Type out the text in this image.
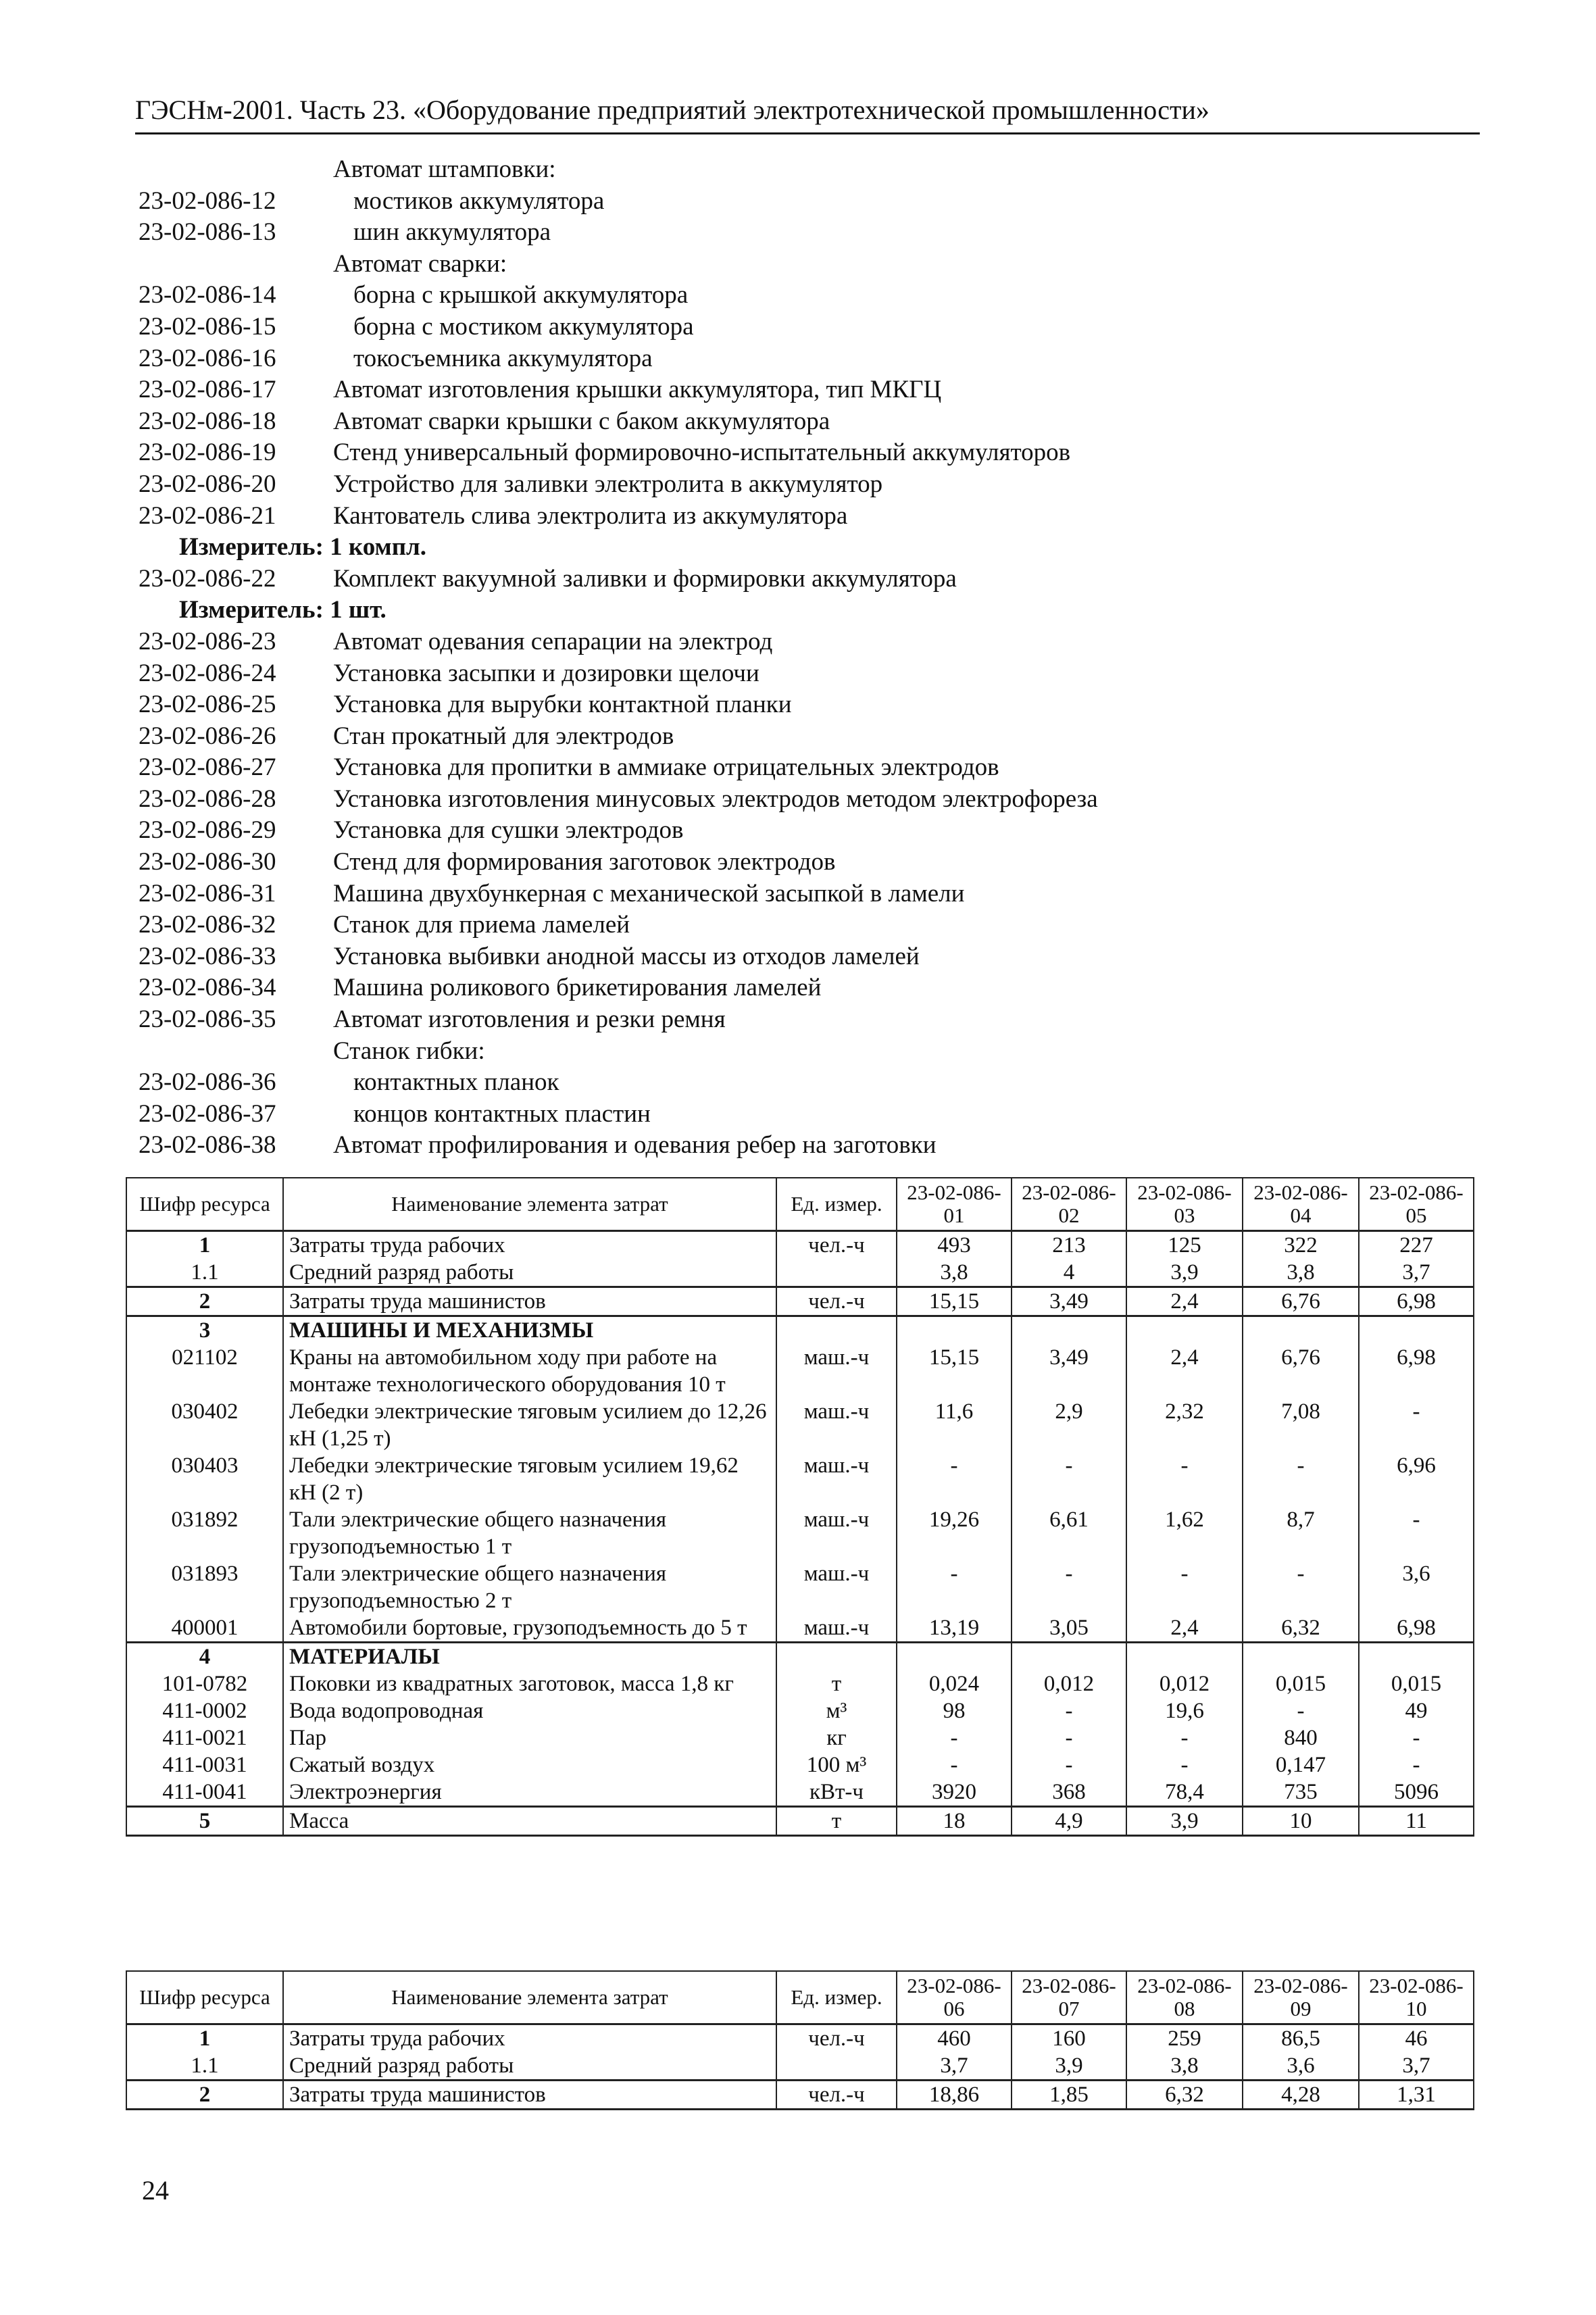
ГЭСНм-2001. Часть 23. «Оборудование предприятий электротехнической промышленности»
Автомат штамповки:
23-02-086-12	мостиков аккумулятора
23-02-086-13	шин аккумулятора
Автомат сварки:
23-02-086-14	борна с крышкой аккумулятора
23-02-086-15	борна с мостиком аккумулятора
23-02-086-16	токосъемника аккумулятора
23-02-086-17	Автомат изготовления крышки аккумулятора, тип МКГЦ
23-02-086-18	Автомат сварки крышки с баком аккумулятора
23-02-086-19	Стенд универсальный формировочно-испытательный аккумуляторов
23-02-086-20	Устройство для заливки электролита в аккумулятор
23-02-086-21	Кантователь слива электролита из аккумулятора
Измеритель: 1 компл.
23-02-086-22	Комплект вакуумной заливки и формировки аккумулятора
Измеритель: 1 шт.
23-02-086-23	Автомат одевания сепарации на электрод
23-02-086-24	Установка засыпки и дозировки щелочи
23-02-086-25	Установка для вырубки контактной планки
23-02-086-26	Стан прокатный для электродов
23-02-086-27	Установка для пропитки в аммиаке отрицательных электродов
23-02-086-28	Установка изготовления минусовых электродов методом электрофореза
23-02-086-29	Установка для сушки электродов
23-02-086-30	Стенд для формирования заготовок электродов
23-02-086-31	Машина двухбункерная с механической засыпкой в ламели
23-02-086-32	Станок для приема ламелей
23-02-086-33	Установка выбивки анодной массы из отходов ламелей
23-02-086-34	Машина роликового брикетирования ламелей
23-02-086-35	Автомат изготовления и резки ремня
Станок гибки:
23-02-086-36	контактных планок
23-02-086-37	концов контактных пластин
23-02-086-38	Автомат профилирования и одевания ребер на заготовки
Шифр ресурса	Наименование элемента затрат	Ед. измер.	23-02-086-01	23-02-086-02	23-02-086-03	23-02-086-04	23-02-086-05
1	Затраты труда рабочих	чел.-ч	493	213	125	322	227
1.1	Средний разряд работы		3,8	4	3,9	3,8	3,7
2	Затраты труда машинистов	чел.-ч	15,15	3,49	2,4	6,76	6,98
3	МАШИНЫ И МЕХАНИЗМЫ						
021102	Краны на автомобильном ходу при работе на монтаже технологического оборудования 10 т	маш.-ч	15,15	3,49	2,4	6,76	6,98
030402	Лебедки электрические тяговым усилием до 12,26 кН (1,25 т)	маш.-ч	11,6	2,9	2,32	7,08	-
030403	Лебедки электрические тяговым усилием 19,62 кН (2 т)	маш.-ч	-	-	-	-	6,96
031892	Тали электрические общего назначения грузоподъемностью 1 т	маш.-ч	19,26	6,61	1,62	8,7	-
031893	Тали электрические общего назначения грузоподъемностью 2 т	маш.-ч	-	-	-	-	3,6
400001	Автомобили бортовые, грузоподъемность до 5 т	маш.-ч	13,19	3,05	2,4	6,32	6,98
4	МАТЕРИАЛЫ						
101-0782	Поковки из квадратных заготовок, масса 1,8 кг	т	0,024	0,012	0,012	0,015	0,015
411-0002	Вода водопроводная	м³	98	-	19,6	-	49
411-0021	Пар	кг	-	-	-	840	-
411-0031	Сжатый воздух	100 м³	-	-	-	0,147	-
411-0041	Электроэнергия	кВт-ч	3920	368	78,4	735	5096
5	Масса	т	18	4,9	3,9	10	11
Шифр ресурса	Наименование элемента затрат	Ед. измер.	23-02-086-06	23-02-086-07	23-02-086-08	23-02-086-09	23-02-086-10
1	Затраты труда рабочих	чел.-ч	460	160	259	86,5	46
1.1	Средний разряд работы		3,7	3,9	3,8	3,6	3,7
2	Затраты труда машинистов	чел.-ч	18,86	1,85	6,32	4,28	1,31
24
